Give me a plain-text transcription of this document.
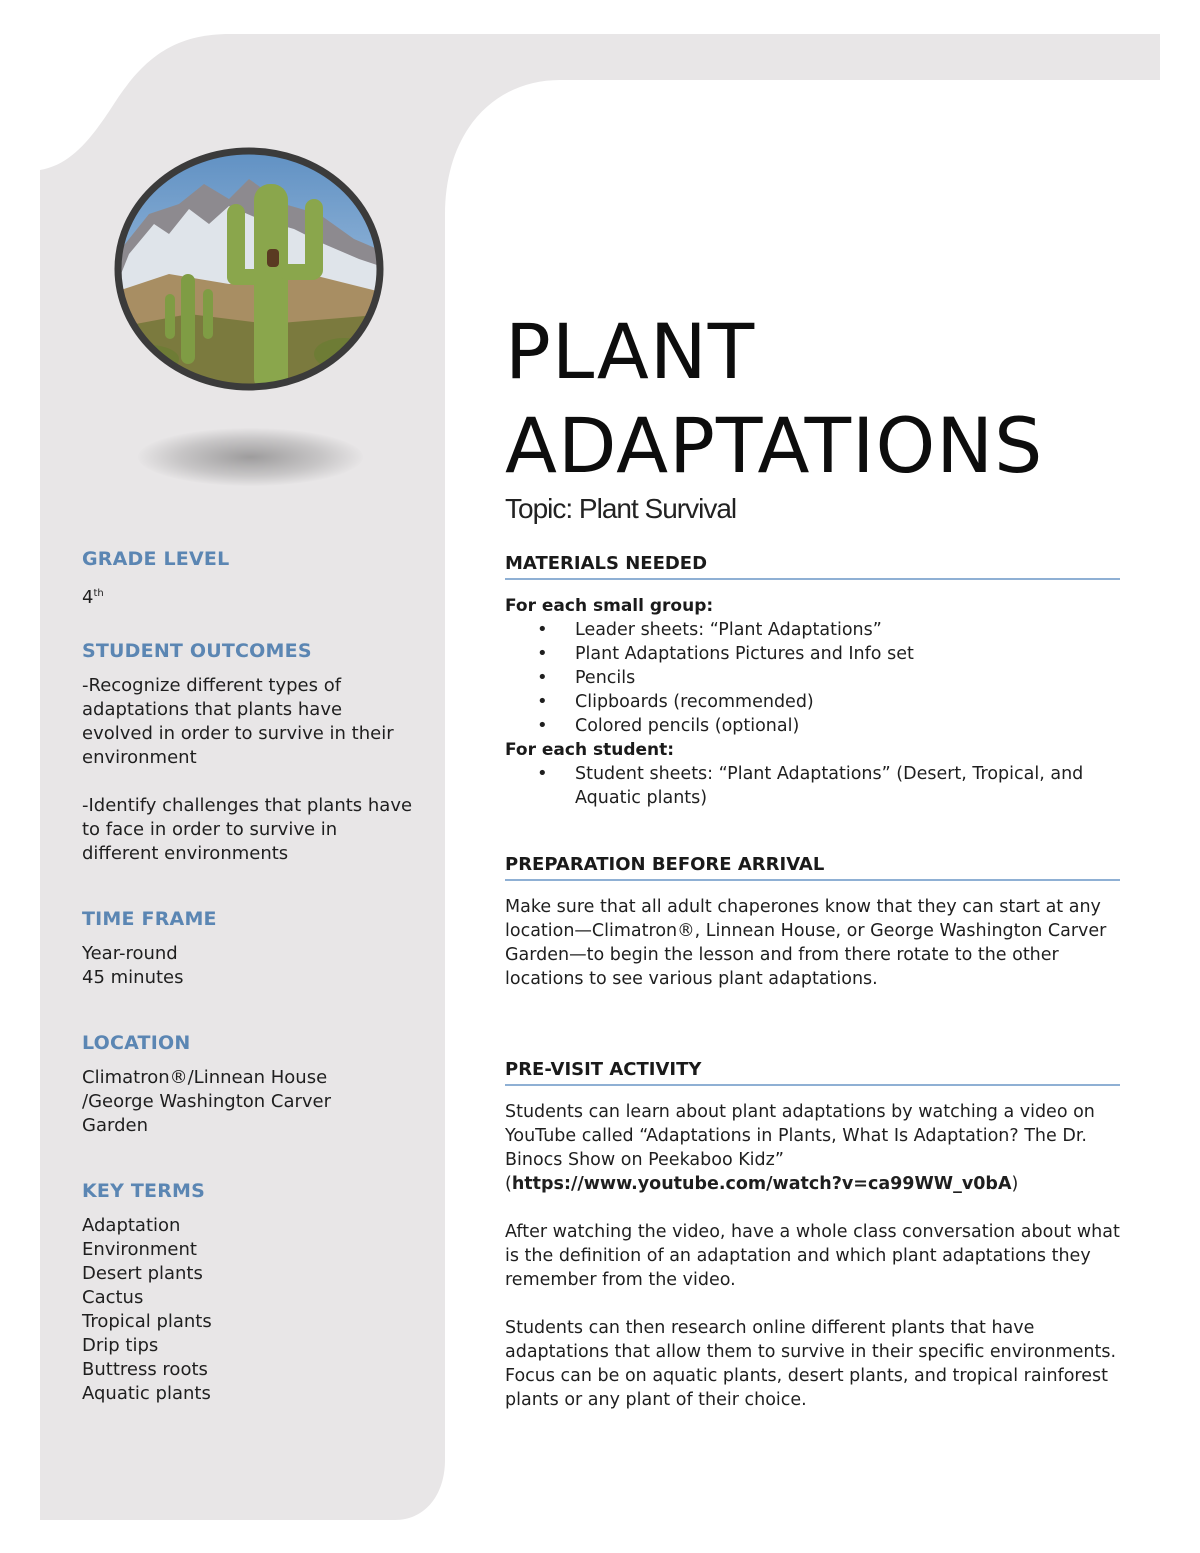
GRADE LEVEL

4th

STUDENT OUTCOMES

-Recognize different types of adaptations that plants have evolved in order to survive in their environment

-Identify challenges that plants have to face in order to survive in different environments

TIME FRAME

Year-round

45 minutes

LOCATION

Climatron®/Linnean House /George Washington Carver Garden

KEY TERMS
Adaptation
Environment
Desert plants
Cactus
Tropical plants
Drip tips
Buttress roots
Aquatic plants
PLANT
ADAPTATIONS

Topic: Plant Survival

MATERIALS NEEDED

For each small group:

• Leader sheets: “Plant Adaptations”
• Plant Adaptations Pictures and Info set
• Pencils
• Clipboards (recommended)
• Colored pencils (optional)

For each student:

• Student sheets: “Plant Adaptations” (Desert, Tropical, and Aquatic plants)
PREPARATION BEFORE ARRIVAL

Make sure that all adult chaperones know that they can start at any location—Climatron®, Linnean House, or George Washington Carver Garden—to begin the lesson and from there rotate to the other locations to see various plant adaptations.

PRE-VISIT ACTIVITY

Students can learn about plant adaptations by watching a video on YouTube called “Adaptations in Plants, What Is Adaptation? The Dr. Binocs Show on Peekaboo Kidz” (https://www.youtube.com/watch?v=ca99WW_v0bA)

After watching the video, have a whole class conversation about what is the definition of an adaptation and which plant adaptations they remember from the video.

Students can then research online different plants that have adaptations that allow them to survive in their specific environments. Focus can be on aquatic plants, desert plants, and tropical rainforest plants or any plant of their choice.
